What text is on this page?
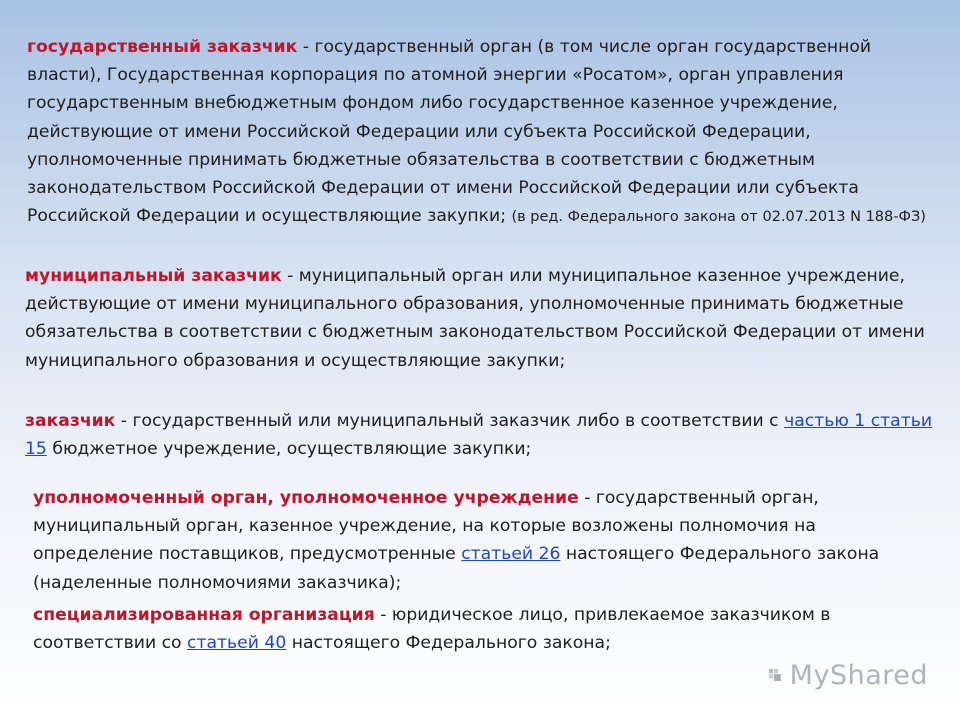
государственный заказчик - государственный орган (в том числе орган государственной власти), Государственная корпорация по атомной энергии «Росатом», орган управления государственным внебюджетным фондом либо государственное казенное учреждение, действующие от имени Российской Федерации или субъекта Российской Федерации, уполномоченные принимать бюджетные обязательства в соответствии с бюджетным законодательством Российской Федерации от имени Российской Федерации или субъекта Российской Федерации и осуществляющие закупки; (в ред. Федерального закона от 02.07.2013 N 188-ФЗ)

муниципальный заказчик - муниципальный орган или муниципальное казенное учреждение, действующие от имени муниципального образования, уполномоченные принимать бюджетные обязательства в соответствии с бюджетным законодательством Российской Федерации от имени муниципального образования и осуществляющие закупки;

заказчик - государственный или муниципальный заказчик либо в соответствии с частью 1 статьи 15 бюджетное учреждение, осуществляющие закупки;

уполномоченный орган, уполномоченное учреждение - государственный орган, муниципальный орган, казенное учреждение, на которые возложены полномочия на определение поставщиков, предусмотренные статьей 26 настоящего Федерального закона (наделенные полномочиями заказчика);

специализированная организация - юридическое лицо, привлекаемое заказчиком в соответствии со статьей 40 настоящего Федерального закона;

MyShared
